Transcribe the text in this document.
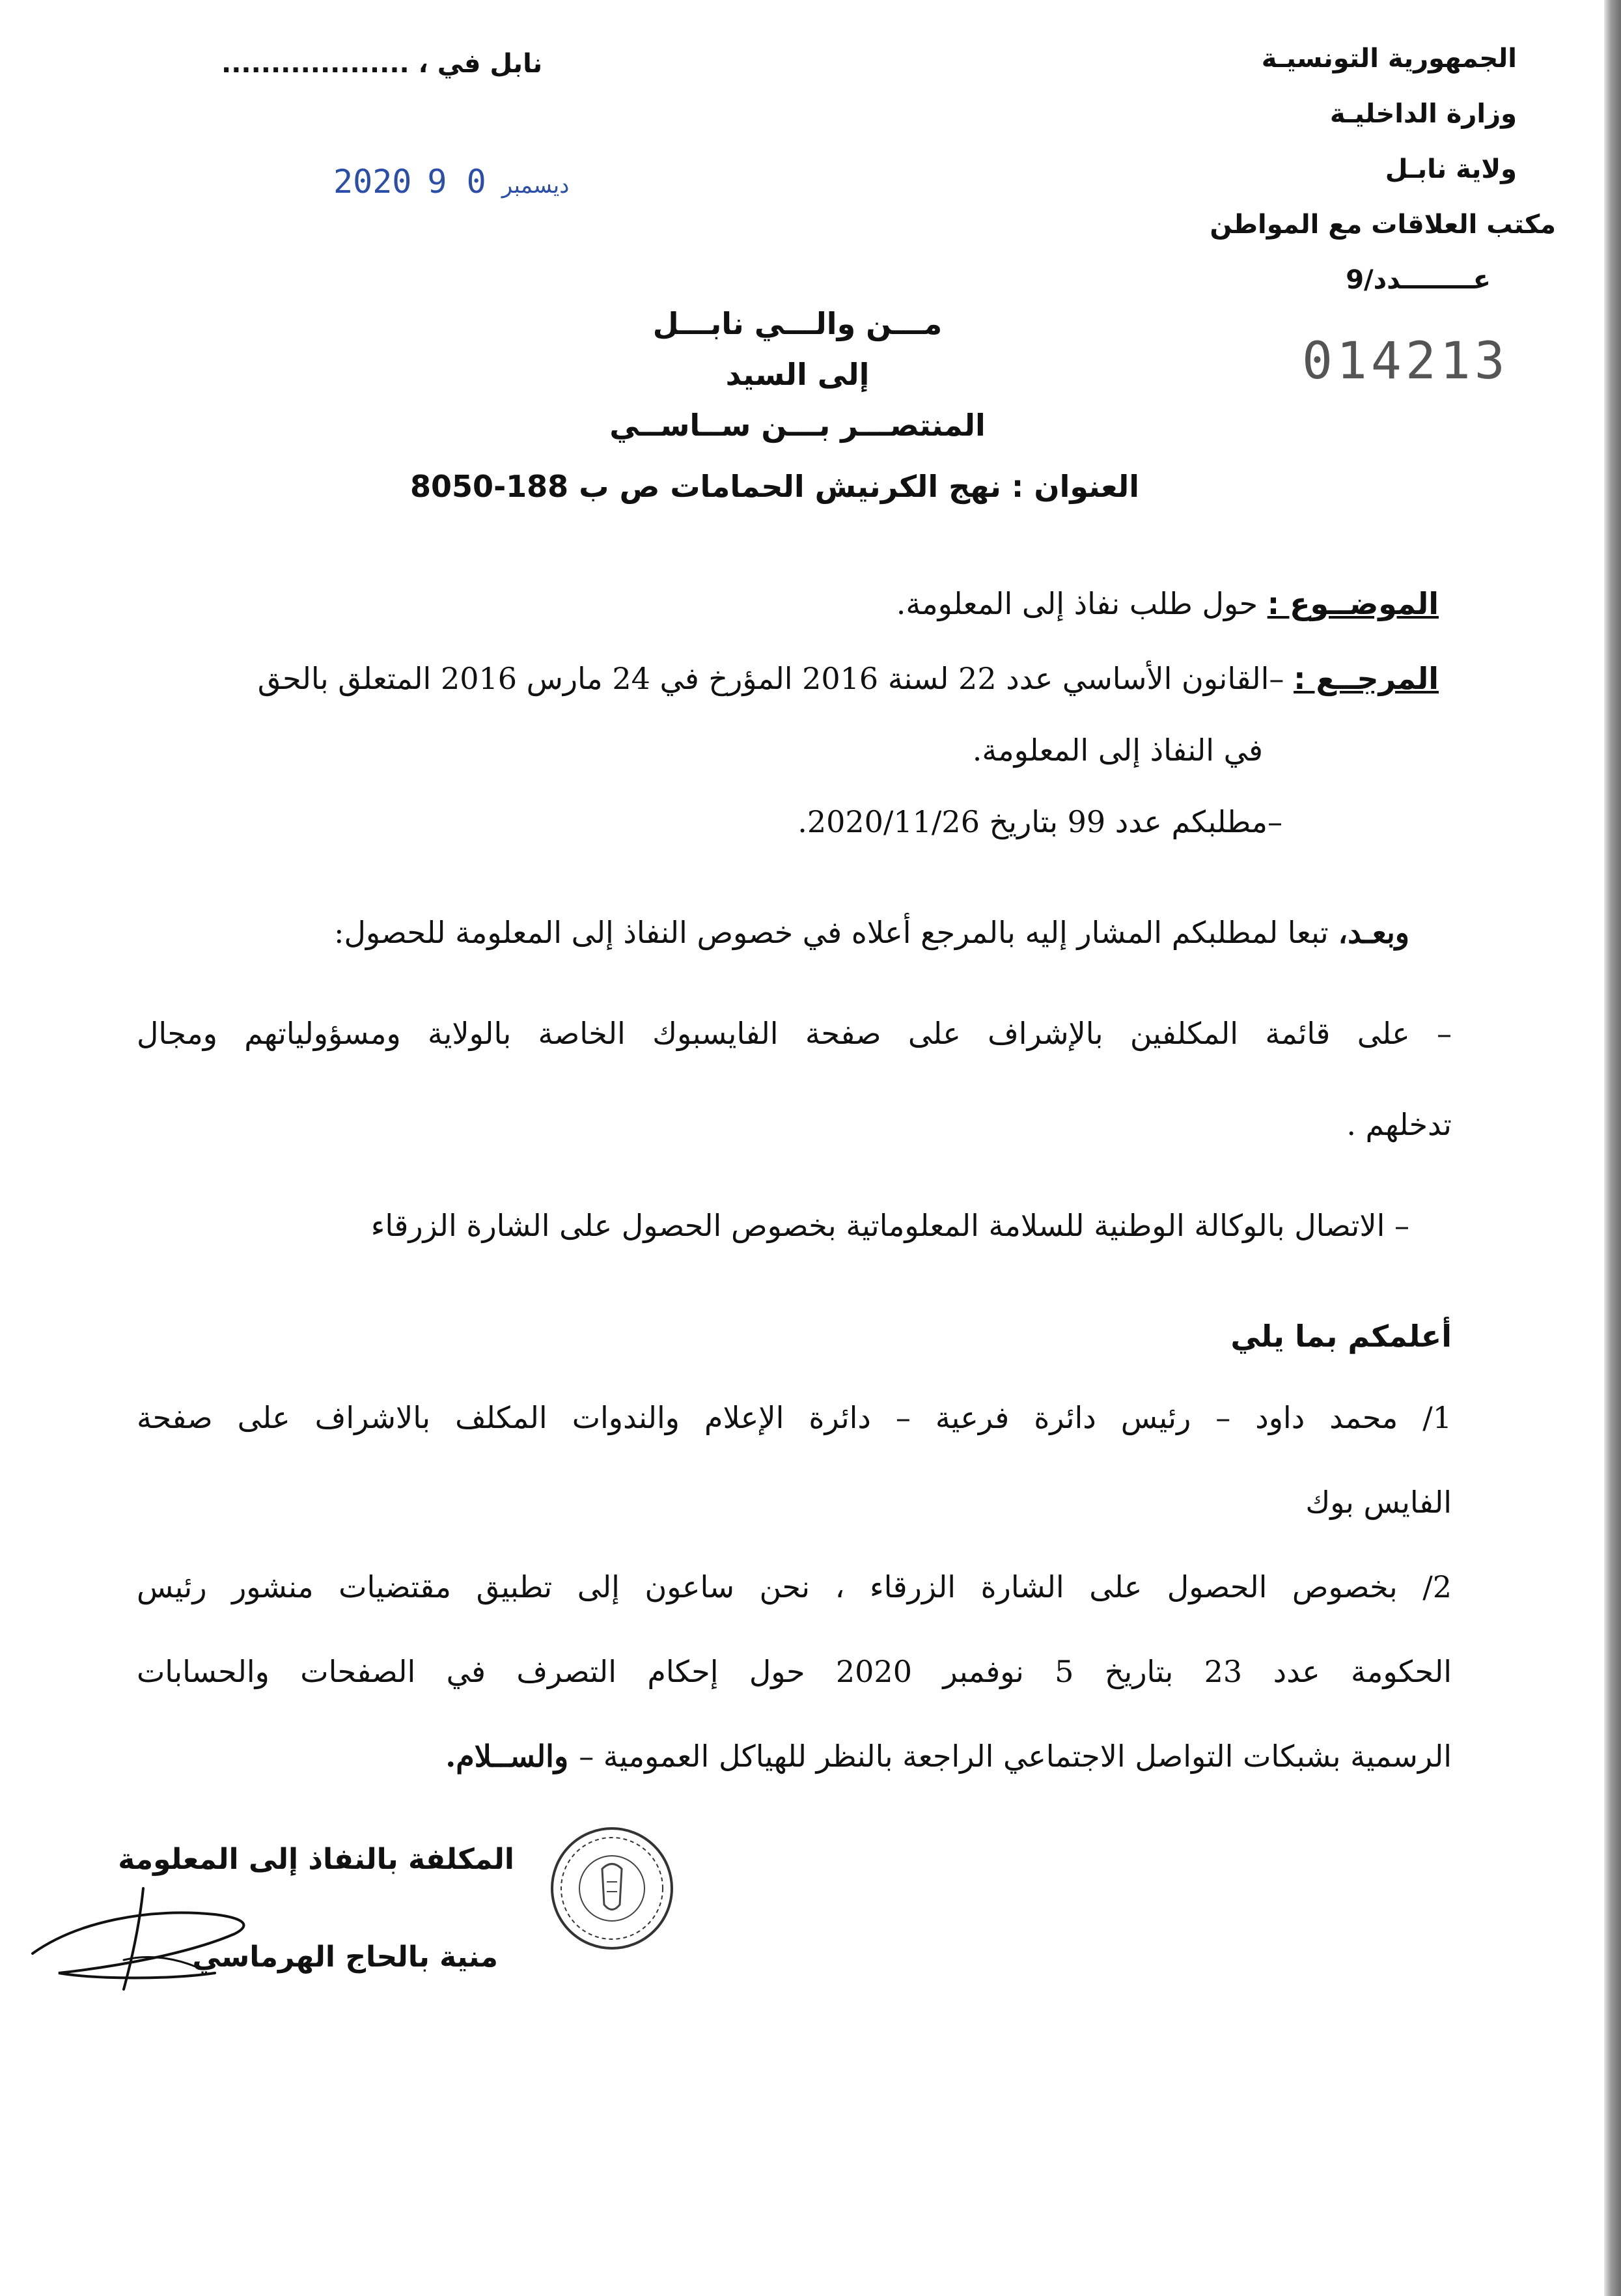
الجمهورية التونسيـة
وزارة الداخليـة
ولاية نابـل
مكتب العلاقات مع المواطن
عــــــــدد/9
نابل في ، ...................
2020	ديسمبر0 9
014213
مـــن والـــي نابـــل
إلى السيد
المنتصـــر بـــن ســاســي
العنوان : نهج الكرنيش الحمامات ص ب 188-8050
الموضــوع : حول طلب نفاذ إلى المعلومة.
المرجــع : –القانون الأساسي عدد 22 لسنة 2016 المؤرخ في 24 مارس 2016 المتعلق بالحق
في النفاذ إلى المعلومة.
–مطلبكم عدد 99 بتاريخ 2020/11/26.
وبعـد، تبعا لمطلبكم المشار إليه بالمرجع أعلاه في خصوص النفاذ إلى المعلومة للحصول:
– على قائمة المكلفين بالإشراف على صفحة الفايسبوك الخاصة بالولاية ومسؤولياتهم ومجال
تدخلهم .
– الاتصال بالوكالة الوطنية للسلامة المعلوماتية بخصوص الحصول على الشارة الزرقاء
أعلمكم بما يلي
1/ محمد داود – رئيس دائرة فرعية – دائرة الإعلام والندوات المكلف بالاشراف على صفحة
الفايس بوك
2/ بخصوص الحصول على الشارة الزرقاء ، نحن ساعون إلى تطبيق مقتضيات منشور رئيس
الحكومة عدد 23 بتاريخ 5 نوفمبر 2020 حول إحكام التصرف في الصفحات والحسابات
الرسمية بشبكات التواصل الاجتماعي الراجعة بالنظر للهياكل العمومية – والســلام.
المكلفة بالنفاذ إلى المعلومة
منية بالحاج الهرماسي
